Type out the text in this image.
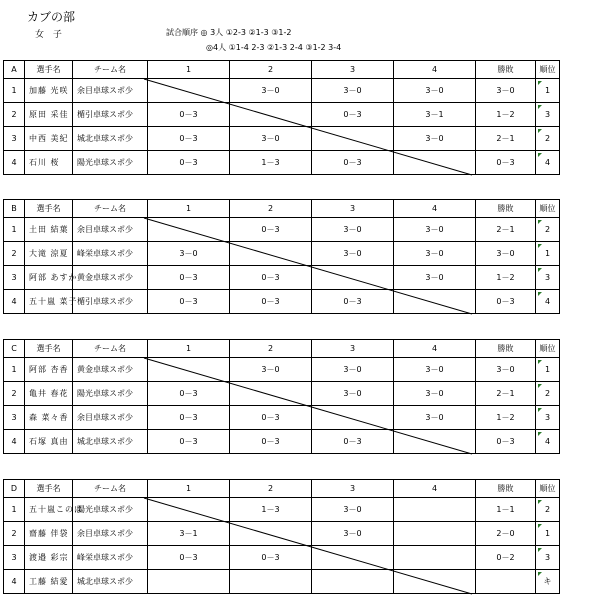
カブの部
女 子	試合順序 ◎ 3人 ①2-3 ②1-3 ③1-2
◎4人 ①1-4 2-3 ②1-3 2-4 ③1-2 3-4
A	選手名	チーム名	1	2	3	4	勝敗	順位
1	加藤 光咲	余目卓球スポ少		3－0	3－0	3－0	3－0	1
2	原田 采佳	楯引卓球スポ少	0－3		0－3	3－1	1－2	3
3	中西 美紀	城北卓球スポ少	0－3	3－0		3－0	2－1	2
4	石川 桜	陽光卓球スポ少	0－3	1－3	0－3		0－3	4
B	選手名	チーム名	1	2	3	4	勝敗	順位
1	土田 結葉	余目卓球スポ少		0－3	3－0	3－0	2－1	2
2	大滝 涼夏	峰栄卓球スポ少	3－0		3－0	3－0	3－0	1
3	阿部 あすか	黄金卓球スポ少	0－3	0－3		3－0	1－2	3
4	五十嵐 菜子	楯引卓球スポ少	0－3	0－3	0－3		0－3	4
C	選手名	チーム名	1	2	3	4	勝敗	順位
1	阿部 杏香	黄金卓球スポ少		3－0	3－0	3－0	3－0	1
2	亀井 春花	陽光卓球スポ少	0－3		3－0	3－0	2－1	2
3	森 菜々香	余目卓球スポ少	0－3	0－3		3－0	1－2	3
4	石塚 真由	城北卓球スポ少	0－3	0－3	0－3		0－3	4
D	選手名	チーム名	1	2	3	4	勝敗	順位
1	五十嵐このは	陽光卓球スポ少		1－3	3－0		1－1	2
2	齋藤 伴袋	余目卓球スポ少	3－1		3－0		2－0	1
3	渡邉 彩宗	峰栄卓球スポ少	0－3	0－3			0－2	3
4	工藤 結愛	城北卓球スポ少						キ
